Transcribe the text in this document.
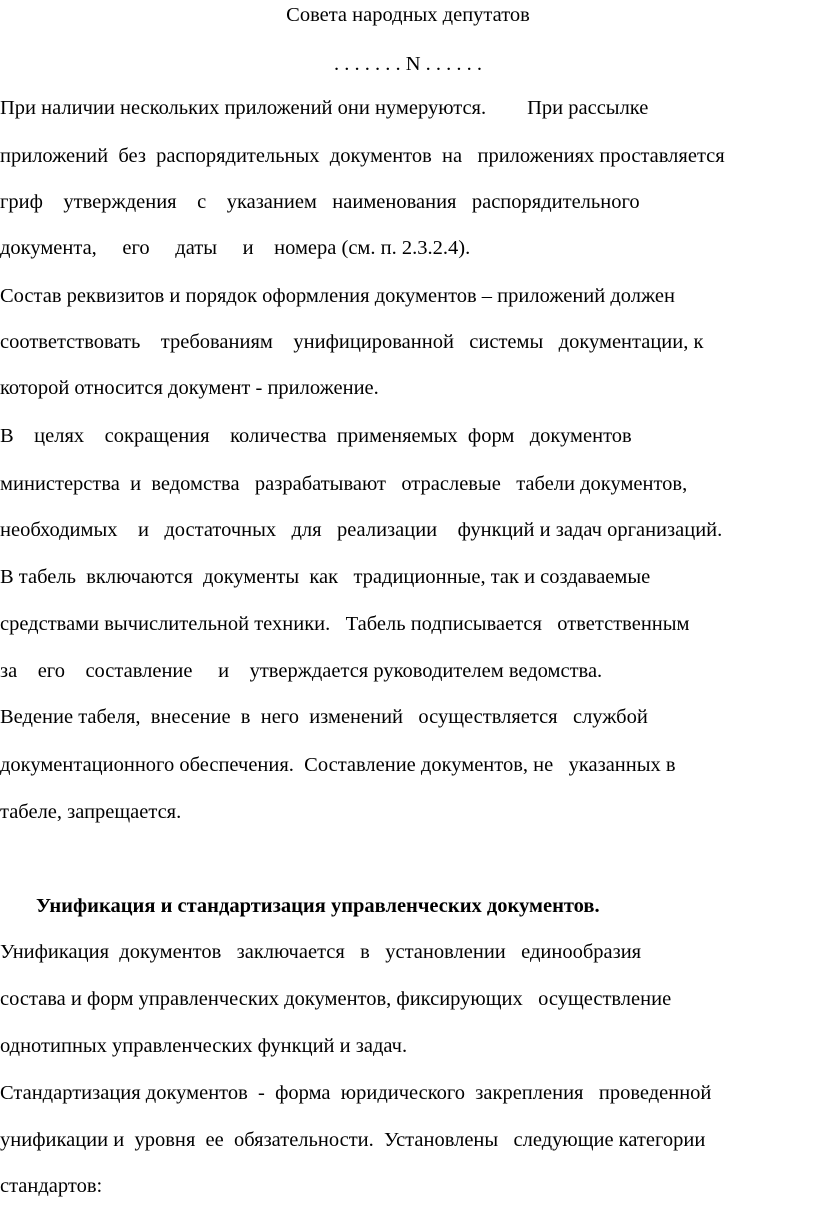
Совета народных депутатов

. . . . . . . N . . . . . .

При наличии нескольких приложений они нумеруются.        При рассылке

приложений  без  распорядительных  документов  на   приложениях проставляется

гриф    утверждения    с    указанием   наименования   распорядительного

документа,     его     даты     и    номера (см. п. 2.3.2.4).

Состав реквизитов и порядок оформления документов – приложений должен

соответствовать    требованиям    унифицированной   системы   документации, к

которой относится документ - приложение.

В    целях    сокращения    количества  применяемых  форм   документов

министерства  и  ведомства   разрабатывают   отраслевые   табели документов,

необходимых    и   достаточных   для   реализации    функций и задач организаций.

В табель  включаются  документы  как   традиционные, так и создаваемые

средствами вычислительной техники.   Табель подписывается   ответственным

за    его    составление     и    утверждается руководителем ведомства.

Ведение табеля,  внесение  в  него  изменений   осуществляется   службой

документационного обеспечения.  Составление документов, не   указанных в

табеле, запрещается.

Унификация и стандартизация управленческих документов.

Унификация  документов   заключается   в   установлении   единообразия

состава и форм управленческих документов, фиксирующих   осуществление

однотипных управленческих функций и задач.

Стандартизация документов  -  форма  юридического  закрепления   проведенной

унификации и  уровня  ее  обязательности.  Установлены   следующие категории

стандартов:
